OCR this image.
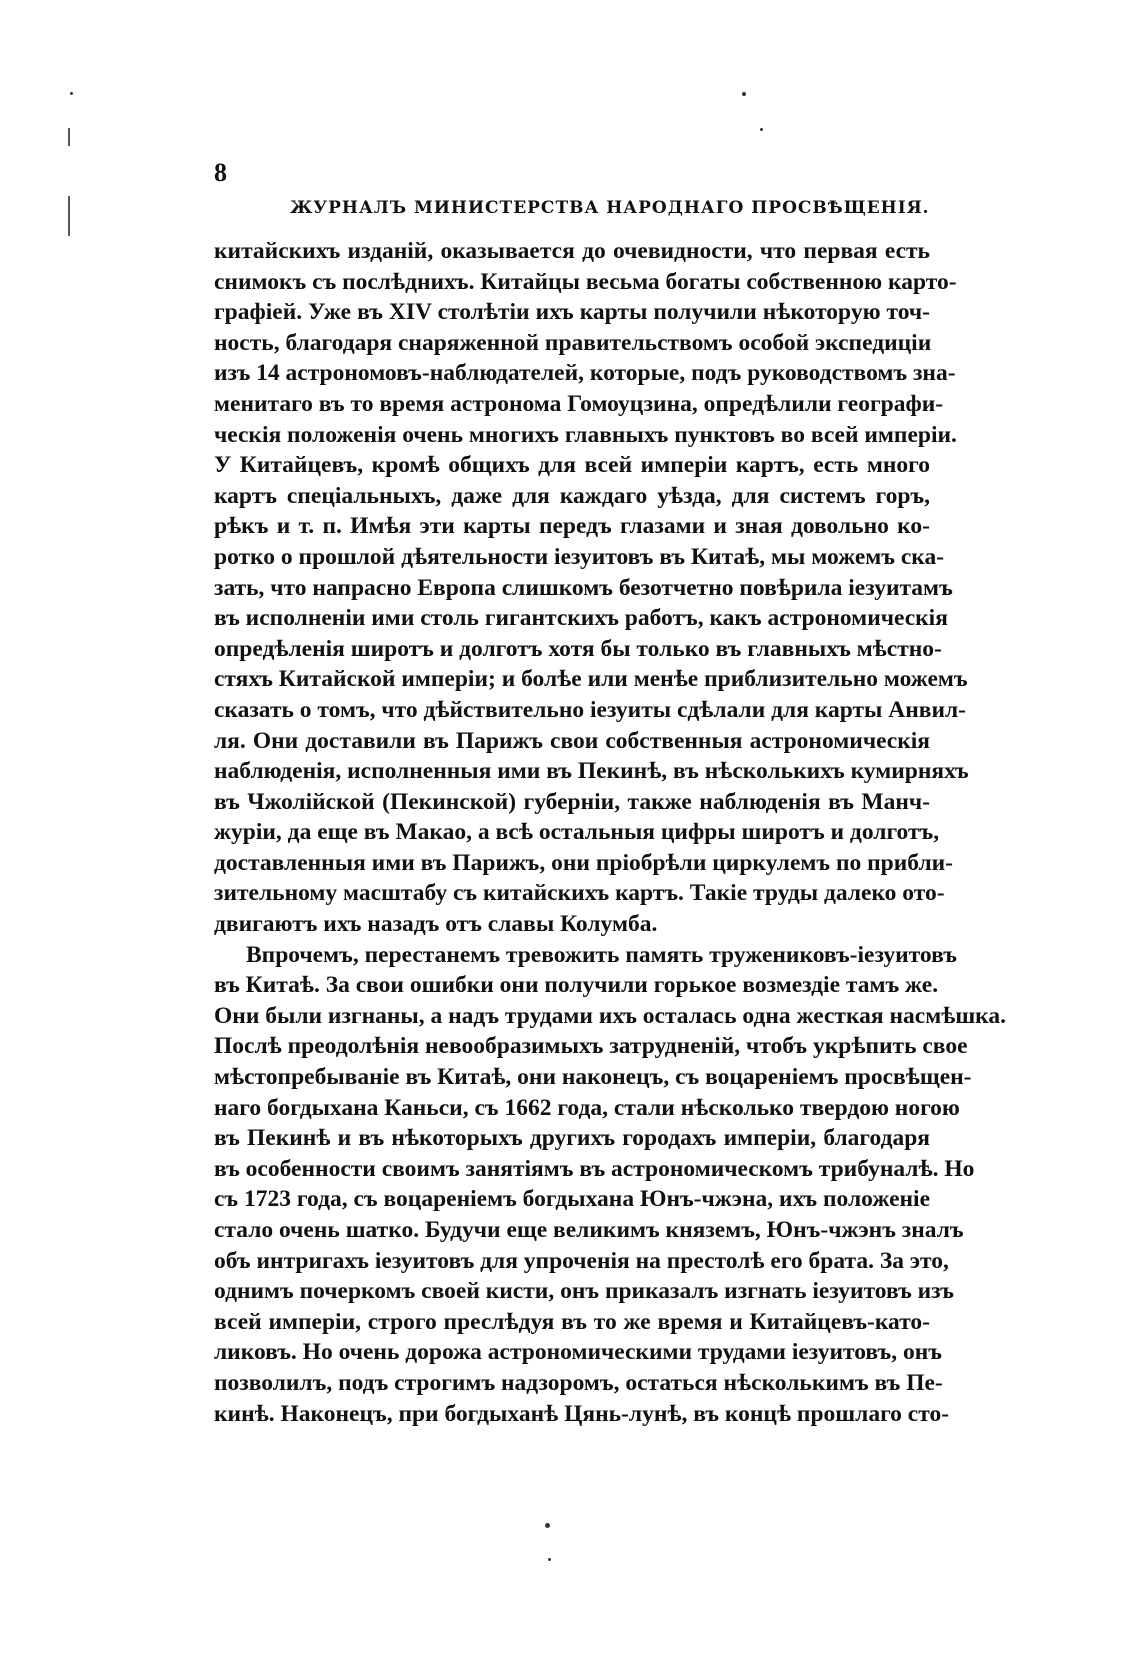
8
ЖУРНАЛЪ МИНИСТЕРСТВА НАРОДНАГО ПРОСВѢЩЕНІЯ.
китайскихъ изданій, оказывается до очевидности, что первая есть
снимокъ съ послѣднихъ. Китайцы весьма богаты собственною карто-
графіей. Уже въ XIV столѣтіи ихъ карты получили нѣкоторую точ-
ность, благодаря снаряженной правительствомъ особой экспедиціи
изъ 14 астрономовъ-наблюдателей, которые, подъ руководствомъ зна-
менитаго въ то время астронома Гомоуцзина, опредѣлили географи-
ческія положенія очень многихъ главныхъ пунктовъ во всей имперіи.
У Китайцевъ, кромѣ общихъ для всей имперіи картъ, есть много
картъ спеціальныхъ, даже для каждаго уѣзда, для системъ горъ,
рѣкъ и т. п. Имѣя эти карты передъ глазами и зная довольно ко-
ротко о прошлой дѣятельности іезуитовъ въ Китаѣ, мы можемъ ска-
зать, что напрасно Европа слишкомъ безотчетно повѣрила іезуитамъ
въ исполненіи ими столь гигантскихъ работъ, какъ астрономическія
опредѣленія широтъ и долготъ хотя бы только въ главныхъ мѣстно-
стяхъ Китайской имперіи; и болѣе или менѣе приблизительно можемъ
сказать о томъ, что дѣйствительно іезуиты сдѣлали для карты Анвил-
ля. Они доставили въ Парижъ свои собственныя астрономическія
наблюденія, исполненныя ими въ Пекинѣ, въ нѣсколькихъ кумирняхъ
въ Чжолійской (Пекинской) губерніи, также наблюденія въ Манч-
журіи, да еще въ Макао, а всѣ остальныя цифры широтъ и долготъ,
доставленныя ими въ Парижъ, они пріобрѣли циркулемъ по прибли-
зительному масштабу съ китайскихъ картъ. Такіе труды далеко ото-
двигаютъ ихъ назадъ отъ славы Колумба.
Впрочемъ, перестанемъ тревожить память тружениковъ-іезуитовъ
въ Китаѣ. За свои ошибки они получили горькое возмездіе тамъ же.
Они были изгнаны, а надъ трудами ихъ осталась одна жесткая насмѣшка.
Послѣ преодолѣнія невообразимыхъ затрудненій, чтобъ укрѣпить свое
мѣстопребываніе въ Китаѣ, они наконецъ, съ воцареніемъ просвѣщен-
наго богдыхана Каньси, съ 1662 года, стали нѣсколько твердою ногою
въ Пекинѣ и въ нѣкоторыхъ другихъ городахъ имперіи, благодаря
въ особенности своимъ занятіямъ въ астрономическомъ трибуналѣ. Но
съ 1723 года, съ воцареніемъ богдыхана Юнъ-чжэна, ихъ положеніе
стало очень шатко. Будучи еще великимъ княземъ, Юнъ-чжэнъ зналъ
объ интригахъ іезуитовъ для упроченія на престолѣ его брата. За это,
однимъ почеркомъ своей кисти, онъ приказалъ изгнать іезуитовъ изъ
всей имперіи, строго преслѣдуя въ то же время и Китайцевъ-като-
ликовъ. Но очень дорожа астрономическими трудами іезуитовъ, онъ
позволилъ, подъ строгимъ надзоромъ, остаться нѣсколькимъ въ Пе-
кинѣ. Наконецъ, при богдыханѣ Цянь-лунѣ, въ концѣ прошлаго сто-
